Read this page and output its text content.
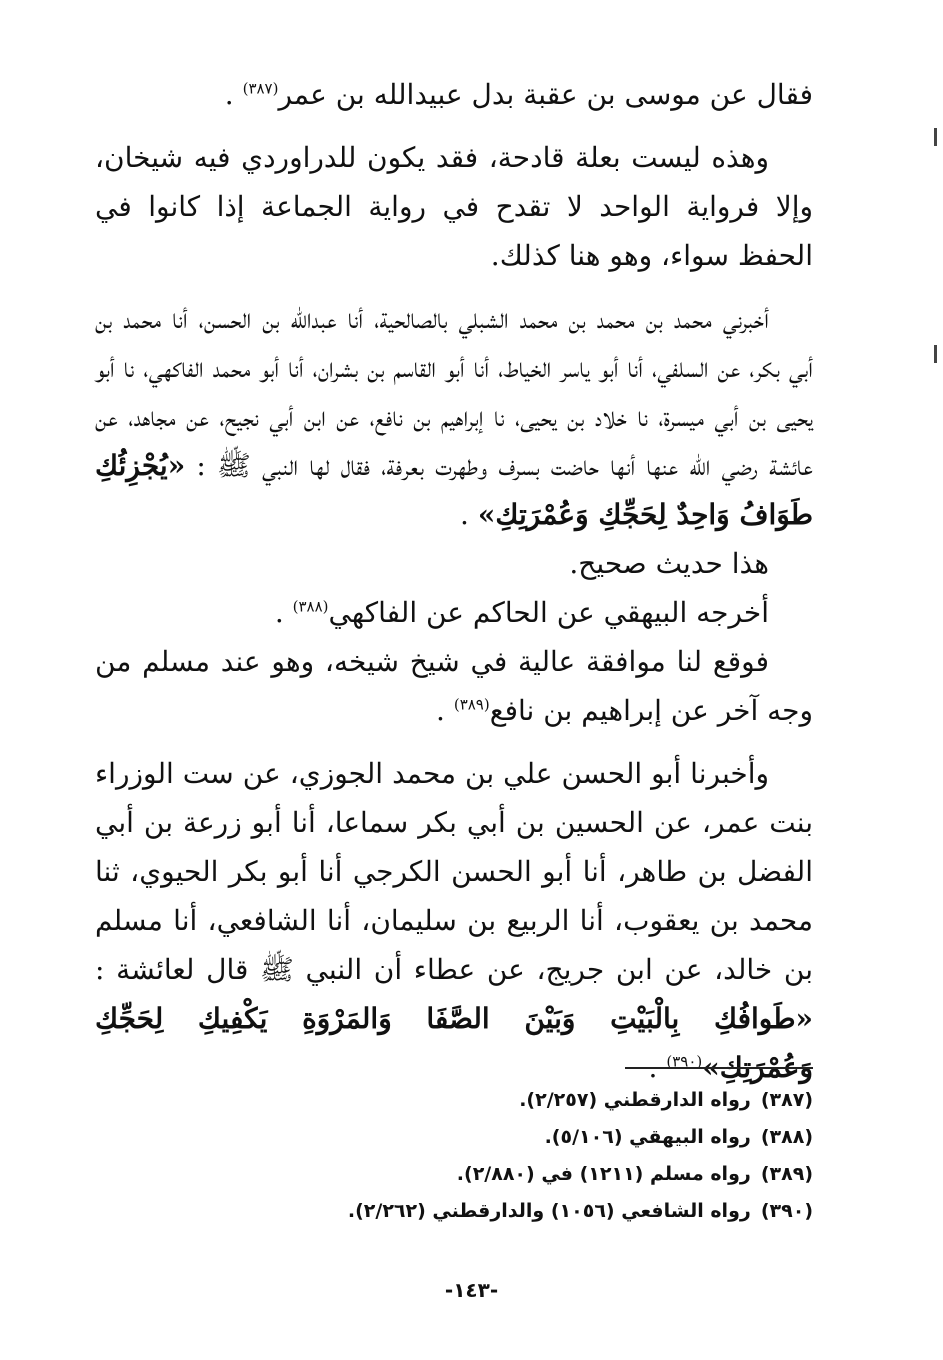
فقال عن موسى بن عقبة بدل عبيدالله بن عمر$^{(٣٨٧)}$ .

وهذه ليست بعلة قادحة، فقد يكون للدراوردي فيه شيخان، وإلا فرواية الواحد لا تقدح في رواية الجماعة إذا كانوا في الحفظ سواء، وهو هنا كذلك.

أخبرني محمد بن محمد بن محمد الشبلي بالصالحية، أنا عبدالله بن الحسن، أنا محمد بن أبي بكر، عن السلفي، أنا أبو ياسر الخياط، أنا أبو القاسم بن بشران، أنا أبو محمد الفاكهي، نا أبو يحيى بن أبي ميسرة، نا خلاد بن يحيى، نا إبراهيم بن نافع، عن ابن أبي نجيح، عن مجاهد، عن عائشة رضي الله عنها أنها حاضت بسرف وطهرت بعرفة، فقال لها النبي ﷺ : «يُجْزِئُكِ طَوَافُ وَاحِدٌ لِحَجِّكِ وَعُمْرَتِكِ» .

هذا حديث صحيح.

أخرجه البيهقي عن الحاكم عن الفاكهي$^{(٣٨٨)}$ .

فوقع لنا موافقة عالية في شيخ شيخه، وهو عند مسلم من وجه آخر عن إبراهيم بن نافع$^{(٣٨٩)}$ .

وأخبرنا أبو الحسن علي بن محمد الجوزي، عن ست الوزراء بنت عمر، عن الحسين بن أبي بكر سماعا، أنا أبو زرعة بن أبي الفضل بن طاهر، أنا أبو الحسن الكرجي أنا أبو بكر الحيوي، ثنا محمد بن يعقوب، أنا الربيع بن سليمان، أنا الشافعي، أنا مسلم بن خالد، عن ابن جريج، عن عطاء أن النبي ﷺ قال لعائشة : «طَوافُكِ بِالْبَيْتِ وَبَيْنَ الصَّفَا وَالمَرْوَةِ يَكْفِيكِ لِحَجِّكِ وَعُمْرَتِكِ»$^{(٣٩٠)}$ .

(٣٨٧)رواه الدارقطني (٢/٢٥٧).

(٣٨٨)رواه البيهقي (٥/١٠٦).

(٣٨٩)رواه مسلم (١٢١١) في (٢/٨٨٠).

(٣٩٠)رواه الشافعي (١٠٥٦) والدارقطني (٢/٢٦٢).

-١٤٣-
